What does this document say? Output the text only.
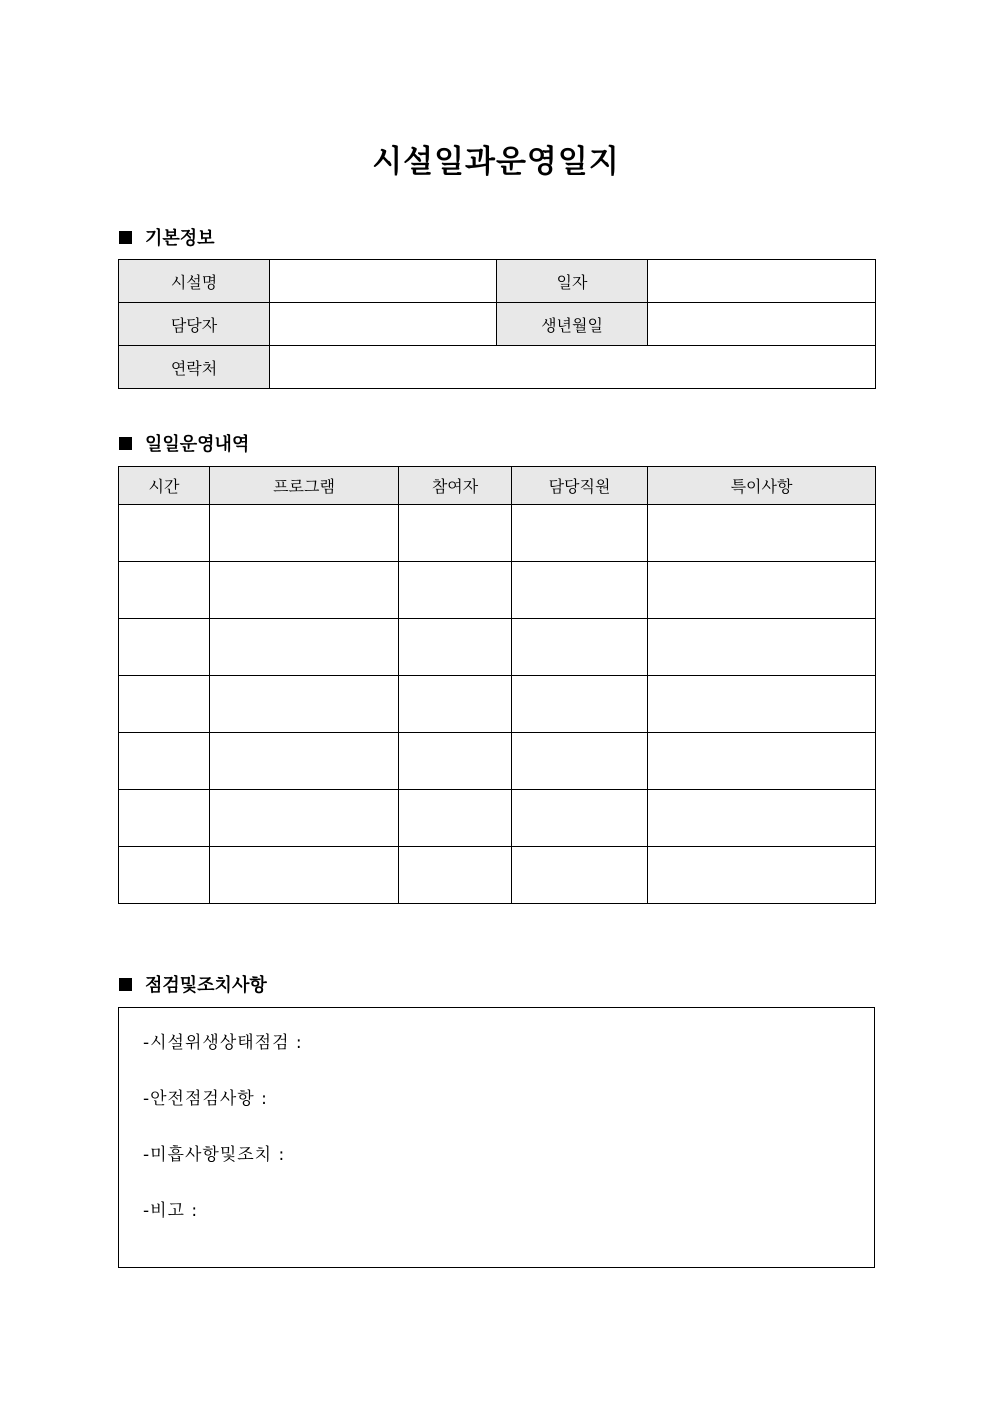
시설일과운영일지
기본정보
시설명		일자	
담당자		생년월일	
연락처			
일일운영내역
시간	프로그램	참여자	담당직원	특이사항

점검및조치사항
-시설위생상태점검 :
-안전점검사항 :
-미흡사항및조치 :
-비고 :
